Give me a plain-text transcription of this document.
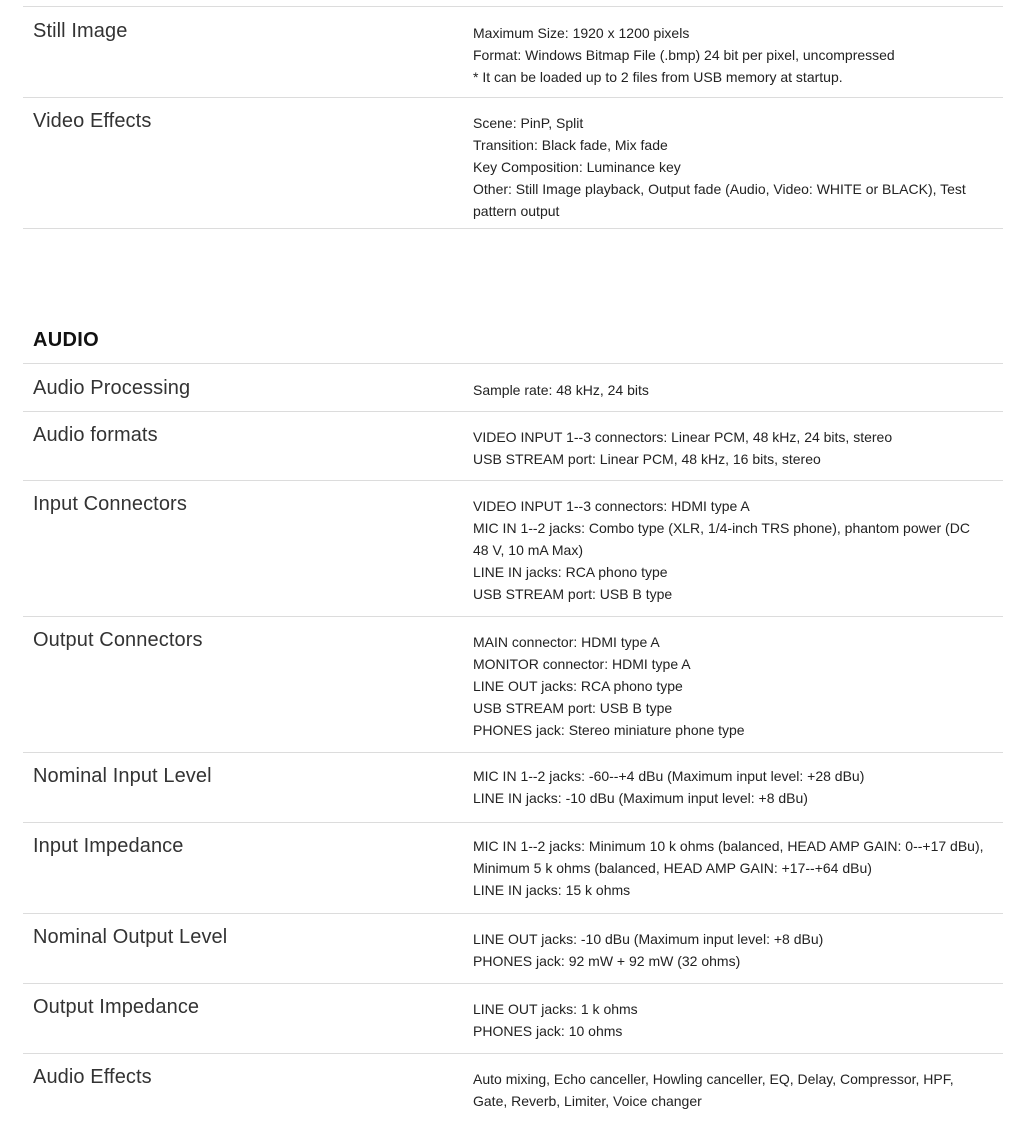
Still Image	Maximum Size: 1920 x 1200 pixels
Format: Windows Bitmap File (.bmp) 24 bit per pixel, uncompressed
* It can be loaded up to 2 files from USB memory at startup.
Video Effects	Scene: PinP, Split
Transition: Black fade, Mix fade
Key Composition: Luminance key
Other: Still Image playback, Output fade (Audio, Video: WHITE or BLACK), Test
pattern output
AUDIO
Audio Processing	Sample rate: 48 kHz, 24 bits
Audio formats	VIDEO INPUT 1--3 connectors: Linear PCM, 48 kHz, 24 bits, stereo
USB STREAM port: Linear PCM, 48 kHz, 16 bits, stereo
Input Connectors	VIDEO INPUT 1--3 connectors: HDMI type A
MIC IN 1--2 jacks: Combo type (XLR, 1/4-inch TRS phone), phantom power (DC
48 V, 10 mA Max)
LINE IN jacks: RCA phono type
USB STREAM port: USB B type
Output Connectors	MAIN connector: HDMI type A
MONITOR connector: HDMI type A
LINE OUT jacks: RCA phono type
USB STREAM port: USB B type
PHONES jack: Stereo miniature phone type
Nominal Input Level	MIC IN 1--2 jacks: -60--+4 dBu (Maximum input level: +28 dBu)
LINE IN jacks: -10 dBu (Maximum input level: +8 dBu)
Input Impedance	MIC IN 1--2 jacks: Minimum 10 k ohms (balanced, HEAD AMP GAIN: 0--+17 dBu),
Minimum 5 k ohms (balanced, HEAD AMP GAIN: +17--+64 dBu)
LINE IN jacks: 15 k ohms
Nominal Output Level	LINE OUT jacks: -10 dBu (Maximum input level: +8 dBu)
PHONES jack: 92 mW + 92 mW (32 ohms)
Output Impedance	LINE OUT jacks: 1 k ohms
PHONES jack: 10 ohms
Audio Effects	Auto mixing, Echo canceller, Howling canceller, EQ, Delay, Compressor, HPF,
Gate, Reverb, Limiter, Voice changer
